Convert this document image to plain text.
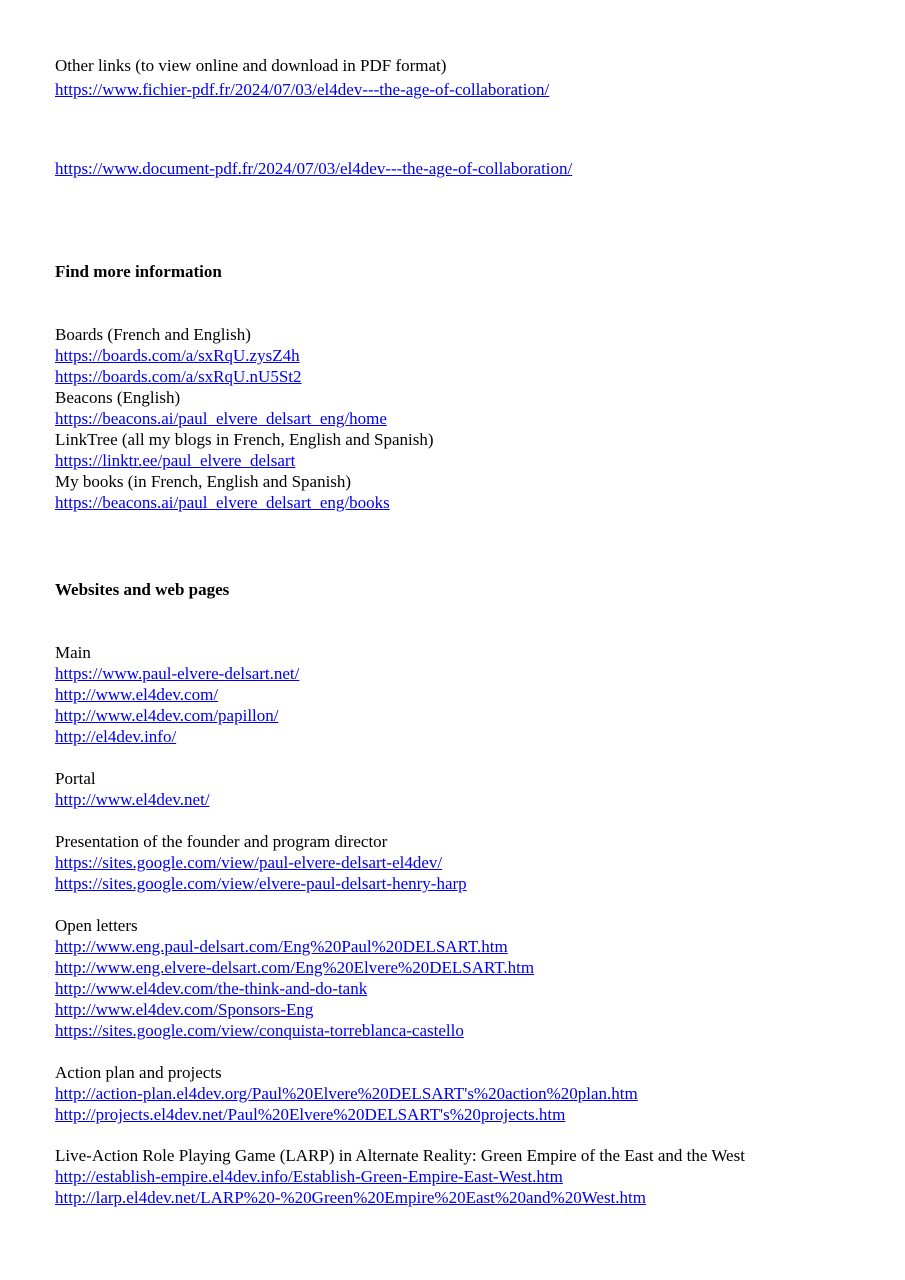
Other links (to view online and download in PDF format)
https://www.fichier-pdf.fr/2024/07/03/el4dev---the-age-of-collaboration/
https://www.document-pdf.fr/2024/07/03/el4dev---the-age-of-collaboration/
Find more information
Boards (French and English)
https://boards.com/a/sxRqU.zysZ4h
https://boards.com/a/sxRqU.nU5St2
Beacons (English)
https://beacons.ai/paul_elvere_delsart_eng/home
LinkTree (all my blogs in French, English and Spanish)
https://linktr.ee/paul_elvere_delsart
My books (in French, English and Spanish)
https://beacons.ai/paul_elvere_delsart_eng/books
Websites and web pages
Main
https://www.paul-elvere-delsart.net/
http://www.el4dev.com/
http://www.el4dev.com/papillon/
http://el4dev.info/
Portal
http://www.el4dev.net/
Presentation of the founder and program director
https://sites.google.com/view/paul-elvere-delsart-el4dev/
https://sites.google.com/view/elvere-paul-delsart-henry-harp
Open letters
http://www.eng.paul-delsart.com/Eng%20Paul%20DELSART.htm
http://www.eng.elvere-delsart.com/Eng%20Elvere%20DELSART.htm
http://www.el4dev.com/the-think-and-do-tank
http://www.el4dev.com/Sponsors-Eng
https://sites.google.com/view/conquista-torreblanca-castello
Action plan and projects
http://action-plan.el4dev.org/Paul%20Elvere%20DELSART's%20action%20plan.htm
http://projects.el4dev.net/Paul%20Elvere%20DELSART's%20projects.htm
Live-Action Role Playing Game (LARP) in Alternate Reality: Green Empire of the East and the West
http://establish-empire.el4dev.info/Establish-Green-Empire-East-West.htm
http://larp.el4dev.net/LARP%20-%20Green%20Empire%20East%20and%20West.htm
